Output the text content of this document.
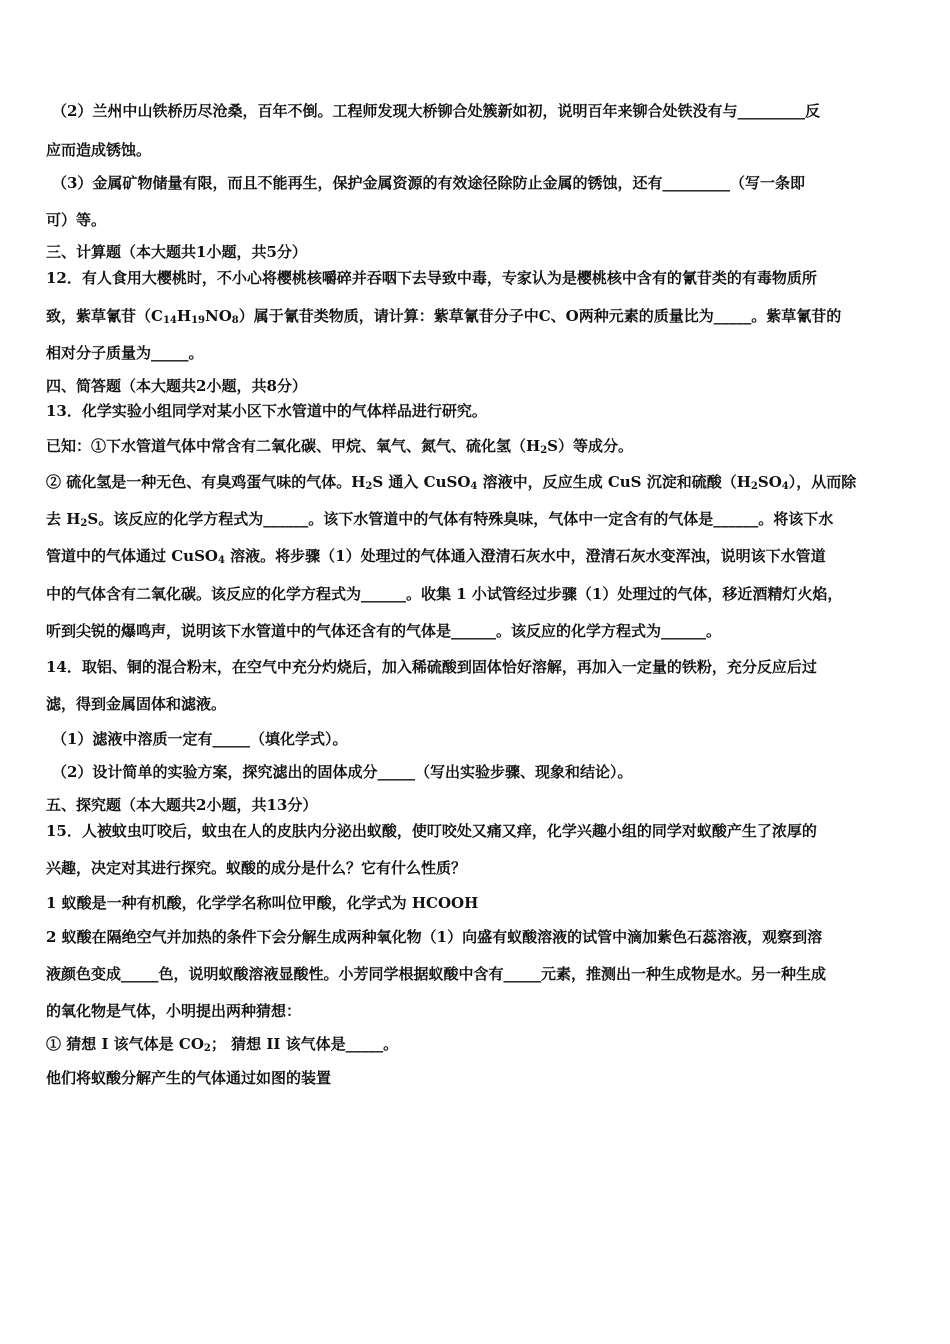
（2）兰州中山铁桥历尽沧桑，百年不倒。工程师发现大桥铆合处簇新如初，说明百年来铆合处铁没有与_________反
应而造成锈蚀。
（3）金属矿物储量有限，而且不能再生，保护金属资源的有效途径除防止金属的锈蚀，还有_________（写一条即
可）等。
三、计算题（本大题共1小题，共5分）
12．有人食用大樱桃时，不小心将樱桃核嚼碎并吞咽下去导致中毒，专家认为是樱桃核中含有的氰苷类的有毒物质所
致，紫草氰苷$(C_{14}H_{19}NO_8)$属于氰苷类物质，请计算：紫草氰苷分子中C、O两种元素的质量比为_____。紫草氰苷的
相对分子质量为_____。
四、简答题（本大题共2小题，共8分）
13．化学实验小组同学对某小区下水管道中的气体样品进行研究。
已知：①下水管道气体中常含有二氧化碳、甲烷、氧气、氮气、硫化氢$(H_2S)$等成分。
② 硫化氢是一种无色、有臭鸡蛋气味的气体。$H_2S$ 通入 CuSO$_4$ 溶液中，反应生成 CuS 沉淀和硫酸$(H_2SO_4)$，从而除
去 $H_2S$。该反应的化学方程式为______。该下水管道中的气体有特殊臭味，气体中一定含有的气体是______。将该下水
管道中的气体通过 CuSO$_4$ 溶液。将步骤（1）处理过的气体通入澄清石灰水中，澄清石灰水变浑浊，说明该下水管道
中的气体含有二氧化碳。该反应的化学方程式为______。收集 1 小试管经过步骤（1）处理过的气体，移近酒精灯火焰，
听到尖锐的爆鸣声，说明该下水管道中的气体还含有的气体是______。该反应的化学方程式为______。
14．取铝、铜的混合粉末，在空气中充分灼烧后，加入稀硫酸到固体恰好溶解，再加入一定量的铁粉，充分反应后过
滤，得到金属固体和滤液。
（1）滤液中溶质一定有_____（填化学式）。
（2）设计简单的实验方案，探究滤出的固体成分_____（写出实验步骤、现象和结论）。
五、探究题（本大题共2小题，共13分）
15．人被蚊虫叮咬后，蚊虫在人的皮肤内分泌出蚁酸，使叮咬处又痛又痒，化学兴趣小组的同学对蚁酸产生了浓厚的
兴趣，决定对其进行探究。蚁酸的成分是什么？它有什么性质？
1 蚁酸是一种有机酸，化学学名称叫位甲酸，化学式为 HCOOH
2 蚁酸在隔绝空气并加热的条件下会分解生成两种氧化物（1）向盛有蚁酸溶液的试管中滴加紫色石蕊溶液，观察到溶
液颜色变成_____色，说明蚁酸溶液显酸性。小芳同学根据蚁酸中含有_____元素，推测出一种生成物是水。另一种生成
的氧化物是气体，小明提出两种猜想：
① 猜想 I 该气体是 $CO_2$； 猜想 II 该气体是_____。
他们将蚁酸分解产生的气体通过如图的装置
